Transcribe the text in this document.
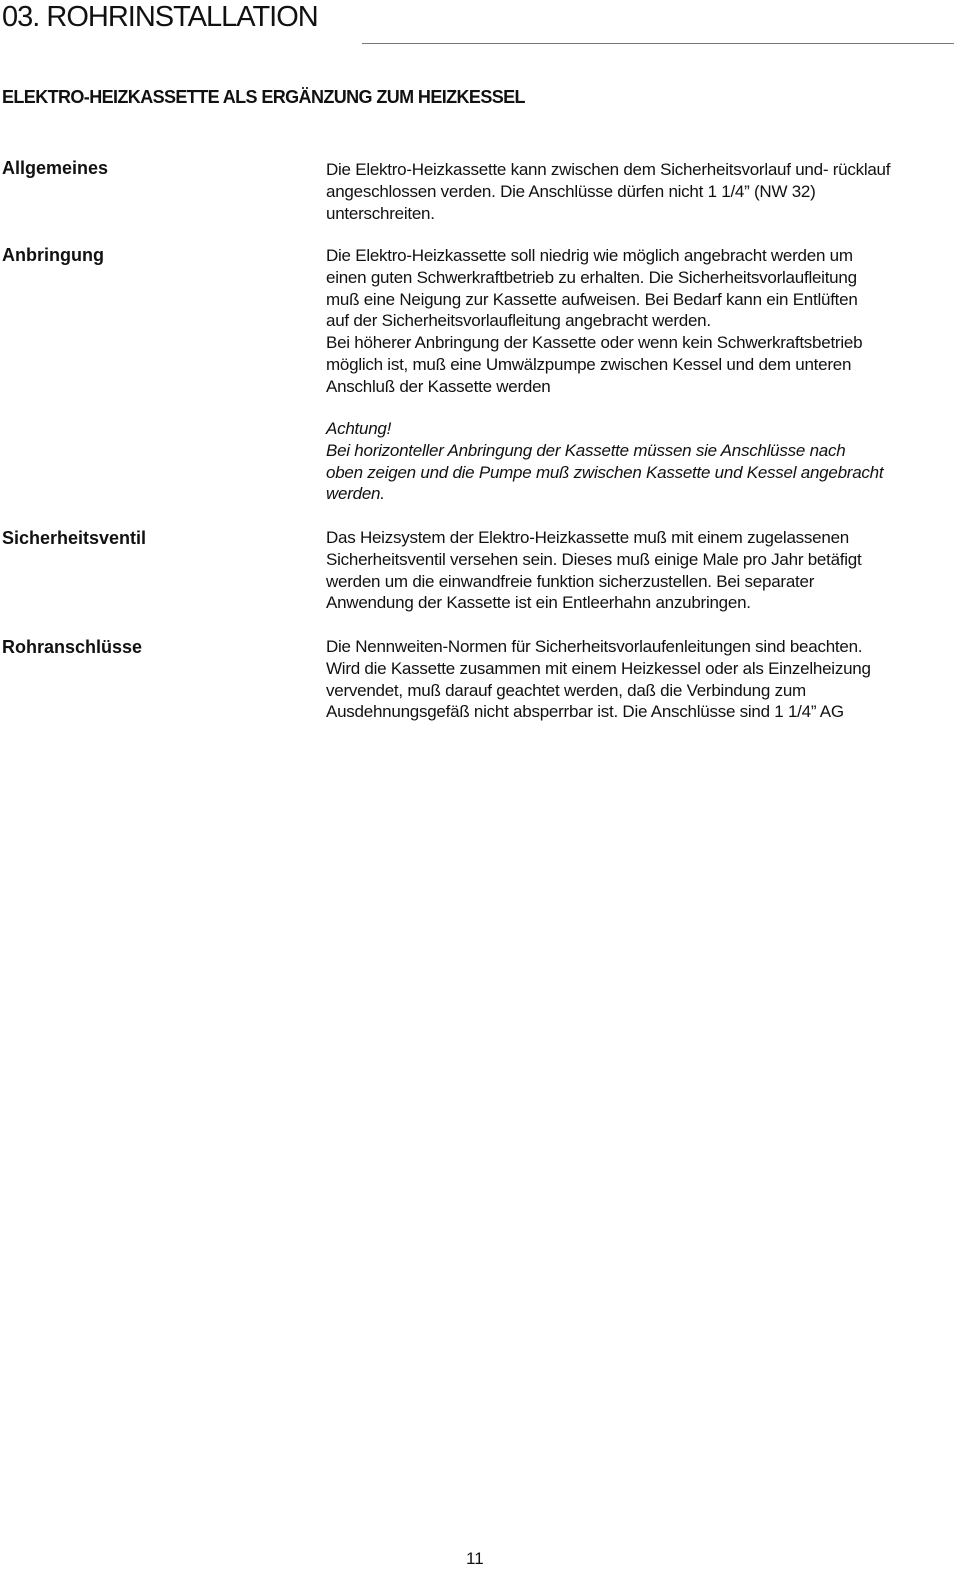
03. ROHRINSTALLATION
ELEKTRO-HEIZKASSETTE ALS ERGÄNZUNG ZUM HEIZKESSEL

Allgemeines	Die Elektro-Heizkassette kann zwischen dem Sicherheitsvorlauf und- rücklauf
angeschlossen verden. Die Anschlüsse dürfen nicht 1 1/4” (NW 32)
unterschreiten.

Anbringung	Die Elektro-Heizkassette soll niedrig wie möglich angebracht werden um
einen guten Schwerkraftbetrieb zu erhalten. Die Sicherheitsvorlaufleitung
muß eine Neigung zur Kassette aufweisen. Bei Bedarf kann ein Entlüften
auf der Sicherheitsvorlaufleitung angebracht werden.
Bei höherer Anbringung der Kassette oder wenn kein Schwerkraftsbetrieb
möglich ist, muß eine Umwälzpumpe zwischen Kessel und dem unteren
Anschluß der Kassette werden

Achtung!
Bei horizonteller Anbringung der Kassette müssen sie Anschlüsse nach
oben zeigen und die Pumpe muß zwischen Kassette und Kessel angebracht
werden.

Sicherheitsventil	Das Heizsystem der Elektro-Heizkassette muß mit einem zugelassenen
Sicherheitsventil versehen sein. Dieses muß einige Male pro Jahr betäfigt
werden um die einwandfreie funktion sicherzustellen. Bei separater
Anwendung der Kassette ist ein Entleerhahn anzubringen.

Rohranschlüsse	Die Nennweiten-Normen für Sicherheitsvorlaufenleitungen sind beachten.
Wird die Kassette zusammen mit einem Heizkessel oder als Einzelheizung
vervendet, muß darauf geachtet werden, daß die Verbindung zum
Ausdehnungsgefäß nicht absperrbar ist. Die Anschlüsse sind 1 1/4” AG

11
